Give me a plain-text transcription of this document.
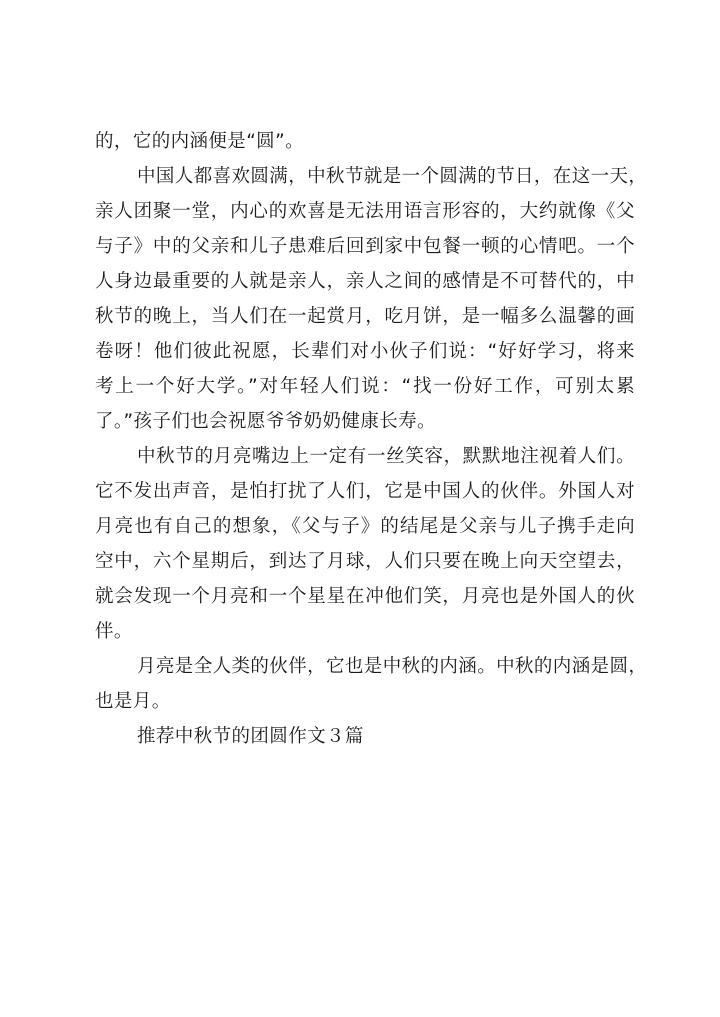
的，它的内涵便是“圆”。
中国人都喜欢圆满，中秋节就是一个圆满的节日，在这一天，
亲人团聚一堂，内心的欢喜是无法用语言形容的，大约就像《父
与子》中的父亲和儿子患难后回到家中包餐一顿的心情吧。一个
人身边最重要的人就是亲人，亲人之间的感情是不可替代的，中
秋节的晚上，当人们在一起赏月，吃月饼，是一幅多么温馨的画
卷呀！他们彼此祝愿，长辈们对小伙子们说：“好好学习，将来
考上一个好大学。”对年轻人们说：“找一份好工作，可别太累
了。”孩子们也会祝愿爷爷奶奶健康长寿。
中秋节的月亮嘴边上一定有一丝笑容，默默地注视着人们。
它不发出声音，是怕打扰了人们，它是中国人的伙伴。外国人对
月亮也有自己的想象，《父与子》的结尾是父亲与儿子携手走向
空中，六个星期后，到达了月球，人们只要在晚上向天空望去，
就会发现一个月亮和一个星星在冲他们笑，月亮也是外国人的伙
伴。
月亮是全人类的伙伴，它也是中秋的内涵。中秋的内涵是圆，
也是月。
推荐中秋节的团圆作文３篇
